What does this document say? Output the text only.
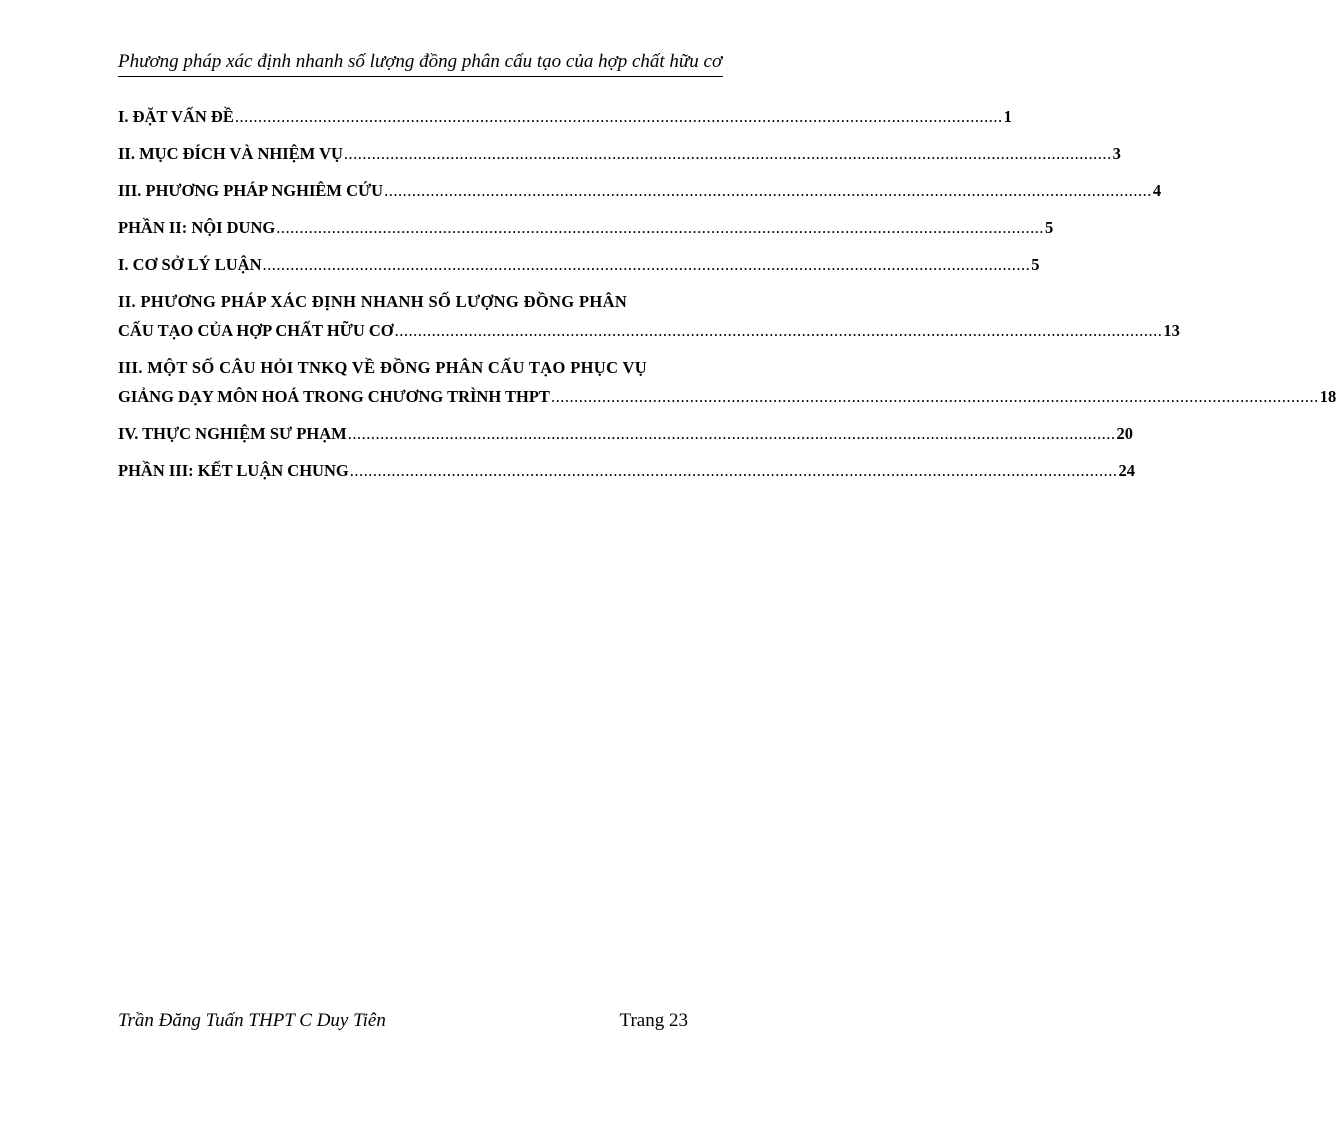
Phương pháp xác định nhanh số lượng đồng phân cấu tạo của hợp chất hữu cơ
I. ĐẶT VẤN ĐỀ ...................................................................................................................................................................... 1
II. MỤC ĐÍCH VÀ NHIỆM VỤ ...................................................................................................................................................................... 3
III. PHƯƠNG PHÁP NGHIÊM CỨU ...................................................................................................................................................................... 4
PHẦN II: NỘI DUNG ...................................................................................................................................................................... 5
I. CƠ SỞ LÝ LUẬN ...................................................................................................................................................................... 5
II. PHƯƠNG PHÁP XÁC ĐỊNH NHANH SỐ LƯỢNG ĐỒNG PHÂN
CẤU TẠO CỦA HỢP CHẤT HỮU CƠ ...................................................................................................................................................................... 13
III. MỘT SỐ CÂU HỎI TNKQ VỀ ĐỒNG PHÂN CẤU TẠO PHỤC VỤ
GIẢNG DẠY MÔN HOÁ TRONG CHƯƠNG TRÌNH THPT ...................................................................................................................................................................... 18
IV. THỰC NGHIỆM SƯ PHẠM ...................................................................................................................................................................... 20
PHẦN III: KẾT LUẬN CHUNG ...................................................................................................................................................................... 24
Trần Đăng Tuấn THPT C Duy Tiên	Trang 23
